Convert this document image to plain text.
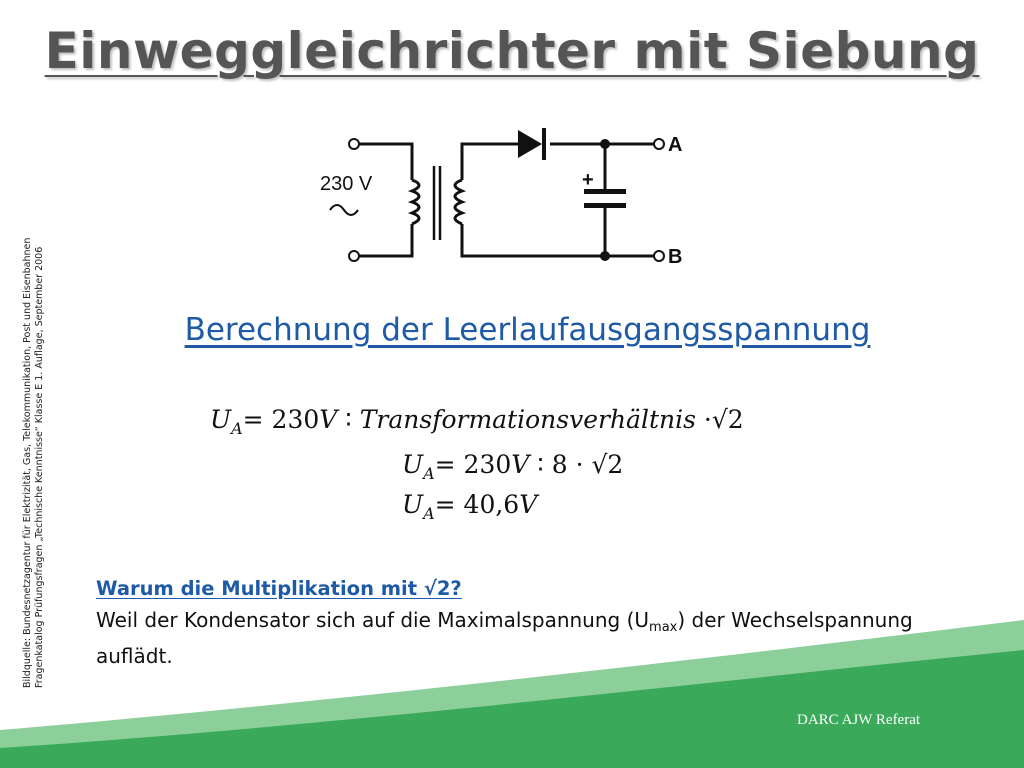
Einweggleichrichter mit Siebung
230 V	+
A
B
Bildquelle: Bundesnetzagentur für Elektrizität, Gas, Telekommunikation, Post und Eisenbahnen Fragenkatalog Prüfungsfragen „Technische Kenntnisse“ Klasse E 1. Auflage, September 2006	Berechnung der Leerlaufausgangsspannung
$U_A= 230V$ ∶ Transformationsverhältnis ·√2
$U_A= 230V$ ∶ 8 · √2
$U_A= 40,6V$
Warum die Multiplikation mit √2?
Weil der Kondensator sich auf die Maximalspannung $(U_{max})$ der Wechselspannung auflädt.
DARC AJW Referat
